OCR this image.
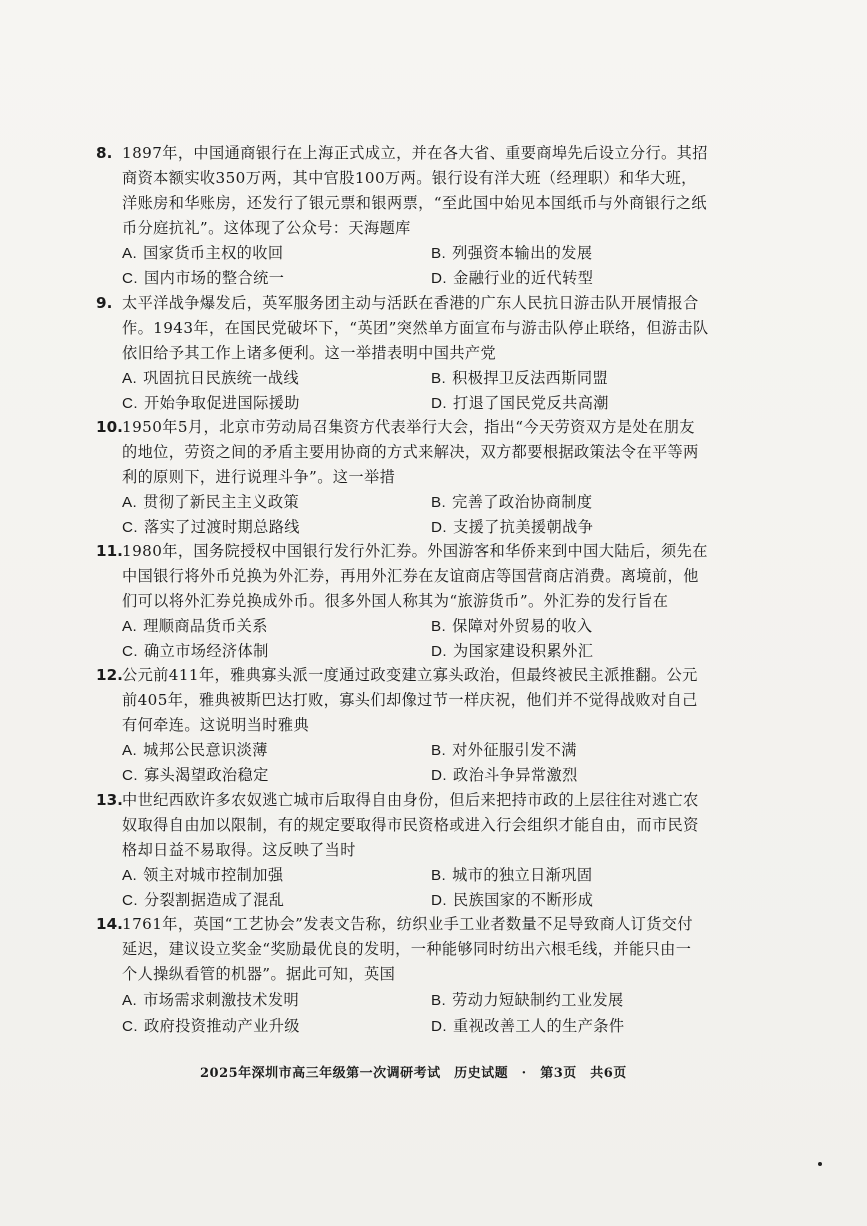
8. 1897年，中国通商银行在上海正式成立，并在各大省、重要商埠先后设立分行。其招
商资本额实收350万两，其中官股100万两。银行设有洋大班（经理职）和华大班，
洋账房和华账房，还发行了银元票和银两票，“至此国中始见本国纸币与外商银行之纸
币分庭抗礼”。这体现了公众号：天海题库
A. 国家货币主权的收回	B. 列强资本输出的发展
C. 国内市场的整合统一	D. 金融行业的近代转型
9. 太平洋战争爆发后，英军服务团主动与活跃在香港的广东人民抗日游击队开展情报合
作。1943年，在国民党破坏下，“英团”突然单方面宣布与游击队停止联络，但游击队
依旧给予其工作上诸多便利。这一举措表明中国共产党
A. 巩固抗日民族统一战线	B. 积极捍卫反法西斯同盟
C. 开始争取促进国际援助	D. 打退了国民党反共高潮
10. 1950年5月，北京市劳动局召集资方代表举行大会，指出“今天劳资双方是处在朋友
的地位，劳资之间的矛盾主要用协商的方式来解决，双方都要根据政策法令在平等两
利的原则下，进行说理斗争”。这一举措
A. 贯彻了新民主主义政策	B. 完善了政治协商制度
C. 落实了过渡时期总路线	D. 支援了抗美援朝战争
11. 1980年，国务院授权中国银行发行外汇券。外国游客和华侨来到中国大陆后，须先在
中国银行将外币兑换为外汇券，再用外汇券在友谊商店等国营商店消费。离境前，他
们可以将外汇券兑换成外币。很多外国人称其为“旅游货币”。外汇券的发行旨在
A. 理顺商品货币关系	B. 保障对外贸易的收入
C. 确立市场经济体制	D. 为国家建设积累外汇
12. 公元前411年，雅典寡头派一度通过政变建立寡头政治，但最终被民主派推翻。公元
前405年，雅典被斯巴达打败，寡头们却像过节一样庆祝，他们并不觉得战败对自己
有何牵连。这说明当时雅典
A. 城邦公民意识淡薄	B. 对外征服引发不满
C. 寡头渴望政治稳定	D. 政治斗争异常激烈
13. 中世纪西欧许多农奴逃亡城市后取得自由身份，但后来把持市政的上层往往对逃亡农
奴取得自由加以限制，有的规定要取得市民资格或进入行会组织才能自由，而市民资
格却日益不易取得。这反映了当时
A. 领主对城市控制加强	B. 城市的独立日渐巩固
C. 分裂割据造成了混乱	D. 民族国家的不断形成
14. 1761年，英国“工艺协会”发表文告称，纺织业手工业者数量不足导致商人订货交付
延迟，建议设立奖金“奖励最优良的发明，一种能够同时纺出六根毛线，并能只由一
个人操纵看管的机器”。据此可知，英国
A. 市场需求刺激技术发明	B. 劳动力短缺制约工业发展
C. 政府投资推动产业升级	D. 重视改善工人的生产条件
2025年深圳市高三年级第一次调研考试　历史试题　·　第3页　共6页
